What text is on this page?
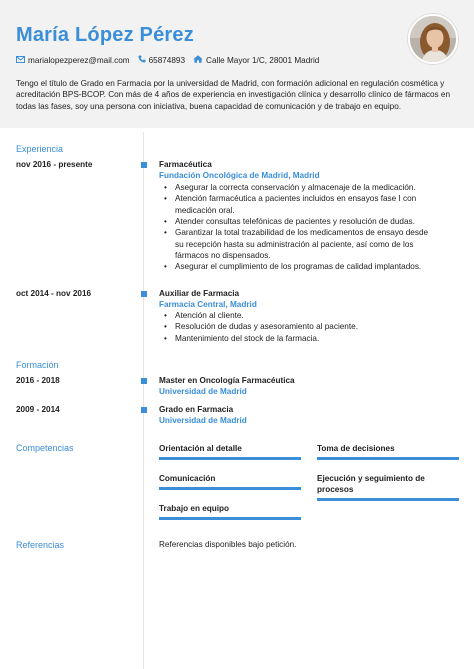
María López Pérez
marialopezperez@mail.com 65874893	Calle Mayor 1/C, 28001 Madrid
Tengo el título de Grado en Farmacia por la universidad de Madrid, con formación adicional en regulación cosmética y acreditación BPS-BCOP. Con más de 4 años de experiencia en investigación clínica y desarrollo clínico de fármacos en todas las fases, soy una persona con iniciativa, buena capacidad de comunicación y de trabajo en equipo.
Experiencia
nov 2016 - presente	Farmacéutica
Fundación Oncológica de Madrid, Madrid
• Asegurar la correcta conservación y almacenaje de la medicación.
• Atención farmacéutica a pacientes incluidos en ensayos fase I con medicación oral.
• Atender consultas telefónicas de pacientes y resolución de dudas.
• Garantizar la total trazabilidad de los medicamentos de ensayo desde su recepción hasta su administración al paciente, así como de los fármacos no dispensados.
• Asegurar el cumplimiento de los programas de calidad implantados.
oct 2014 - nov 2016	Auxiliar de Farmacia
Farmacia Central, Madrid
• Atención al cliente.
• Resolución de dudas y asesoramiento al paciente.
• Mantenimiento del stock de la farmacia.
Formación
2016 - 2018	Master en Oncología Farmacéutica
Universidad de Madrid
2009 - 2014	Grado en Farmacia
Universidad de Madrid
Competencias	Orientación al detalle	Toma de decisiones
Comunicación	Ejecución y seguimiento de procesos
Trabajo en equipo
Referencias	Referencias disponibles bajo petición.
